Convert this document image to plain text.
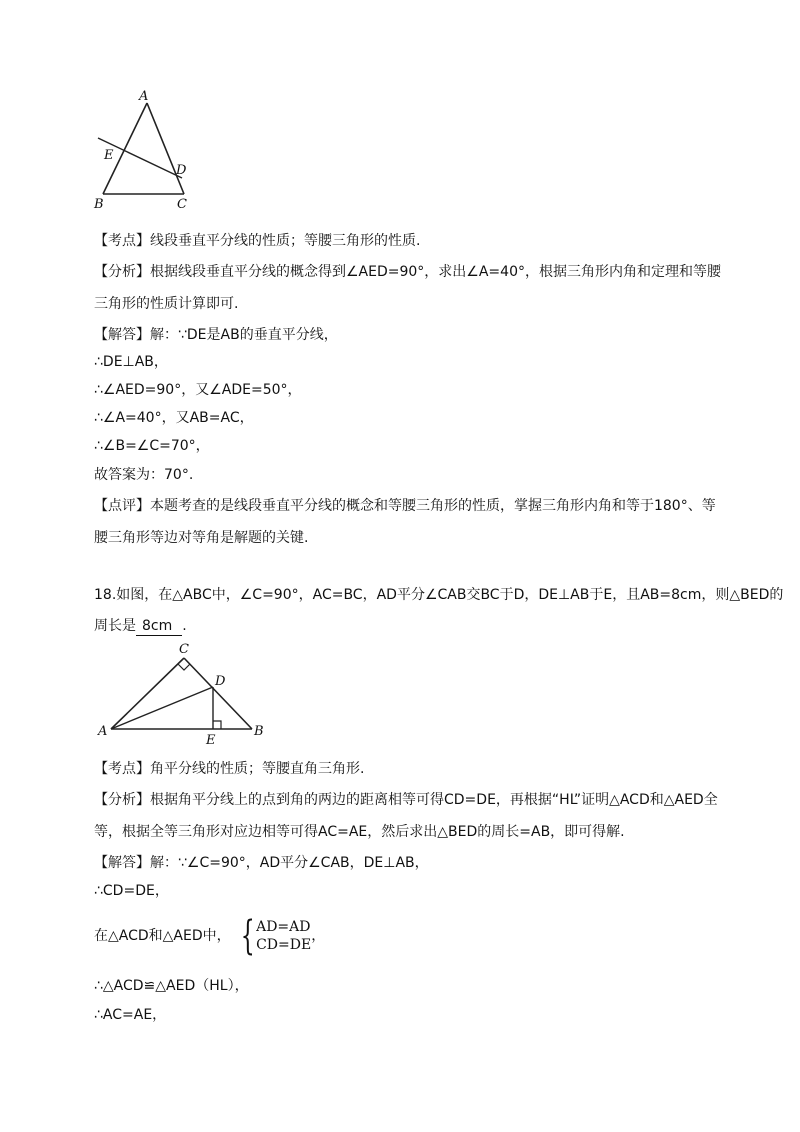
A
E
D
B	C
【考点】线段垂直平分线的性质；等腰三角形的性质.
【分析】根据线段垂直平分线的概念得到∠AED=90°，求出∠A=40°，根据三角形内角和定理和等腰
三角形的性质计算即可.
【解答】解：∵DE是AB的垂直平分线，
∴DE⊥AB，
∴∠AED=90°，又∠ADE=50°，
∴∠A=40°，又AB=AC，
∴∠B=∠C=70°，
故答案为：70°.
【点评】本题考查的是线段垂直平分线的概念和等腰三角形的性质，掌握三角形内角和等于180°、等
腰三角形等边对等角是解题的关键.
18.如图，在△ABC中，∠C=90°，AC=BC，AD平分∠CAB交BC于D，DE⊥AB于E，且AB=8cm，则△BED的
周长是 8cm .
C
D
A
E
B
【考点】角平分线的性质；等腰直角三角形.
【分析】根据角平分线上的点到角的两边的距离相等可得CD=DE，再根据“HL”证明△ACD和△AED全
等，根据全等三角形对应边相等可得AC=AE，然后求出△BED的周长=AB，即可得解.
【解答】解：∵∠C=90°，AD平分∠CAB，DE⊥AB，
∴CD=DE，
在△ACD和△AED中， { AD=AD
CD=DE
，
∴△ACD≌△AED（HL），
∴AC=AE，
